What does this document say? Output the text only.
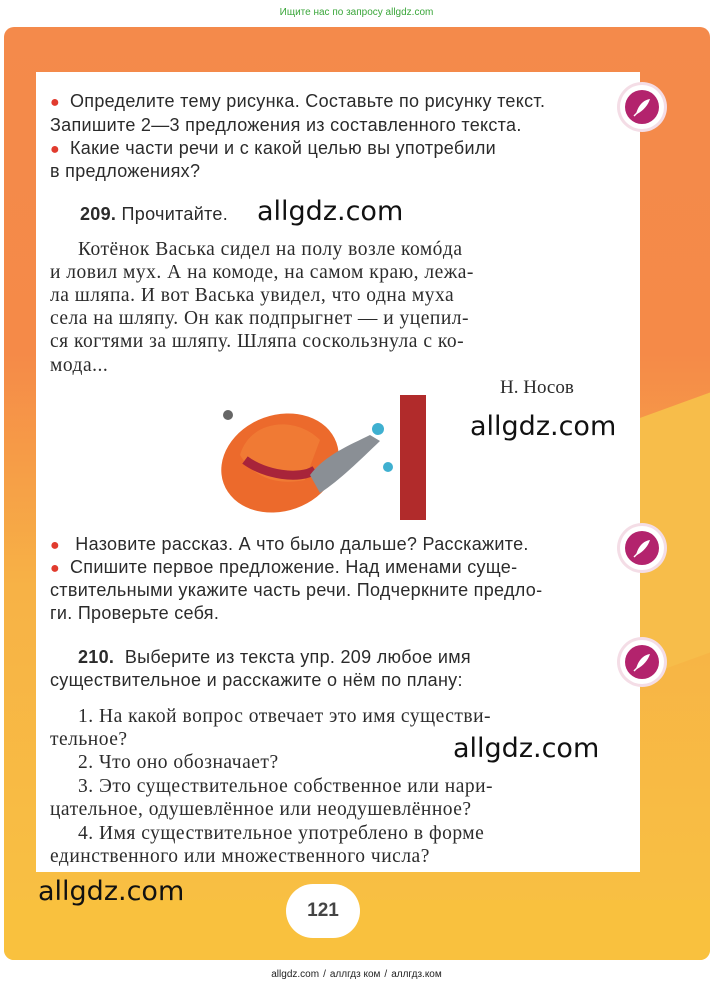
Ищите нас по запросу allgdz.com
● Определите тему рисунка. Составьте по рисунку текст.
Запишите 2—3 предложения из составленного текста.
● Какие части речи и с какой целью вы употребили
в предложениях?
209. Прочитайте. allgdz.com
Котёнок Васька сидел на полу возле комóда
и ловил мух. А на комоде, на самом краю, лежа-
ла шляпа. И вот Васька увидел, что одна муха
села на шляпу. Он как подпрыгнет — и уцепил-
ся когтями за шляпу. Шляпа соскользнула с ко-
мода...
Н. Носов
allgdz.com
● Назовите рассказ. А что было дальше? Расскажите.
● Спишите первое предложение. Над именами суще-
ствительными укажите часть речи. Подчеркните предло-
ги. Проверьте себя.
210. Выберите из текста упр. 209 любое имя
существительное и расскажите о нём по плану:
1. На какой вопрос отвечает это имя существи-
тельное?
2. Что оно обозначает?	allgdz.com
3. Это существительное собственное или нари-
цательное, одушевлённое или неодушевлённое?
4. Имя существительное употреблено в форме
единственного или множественного числа?
allgdz.com
121
allgdz.com / аллгдз ком / аллгдз.ком
